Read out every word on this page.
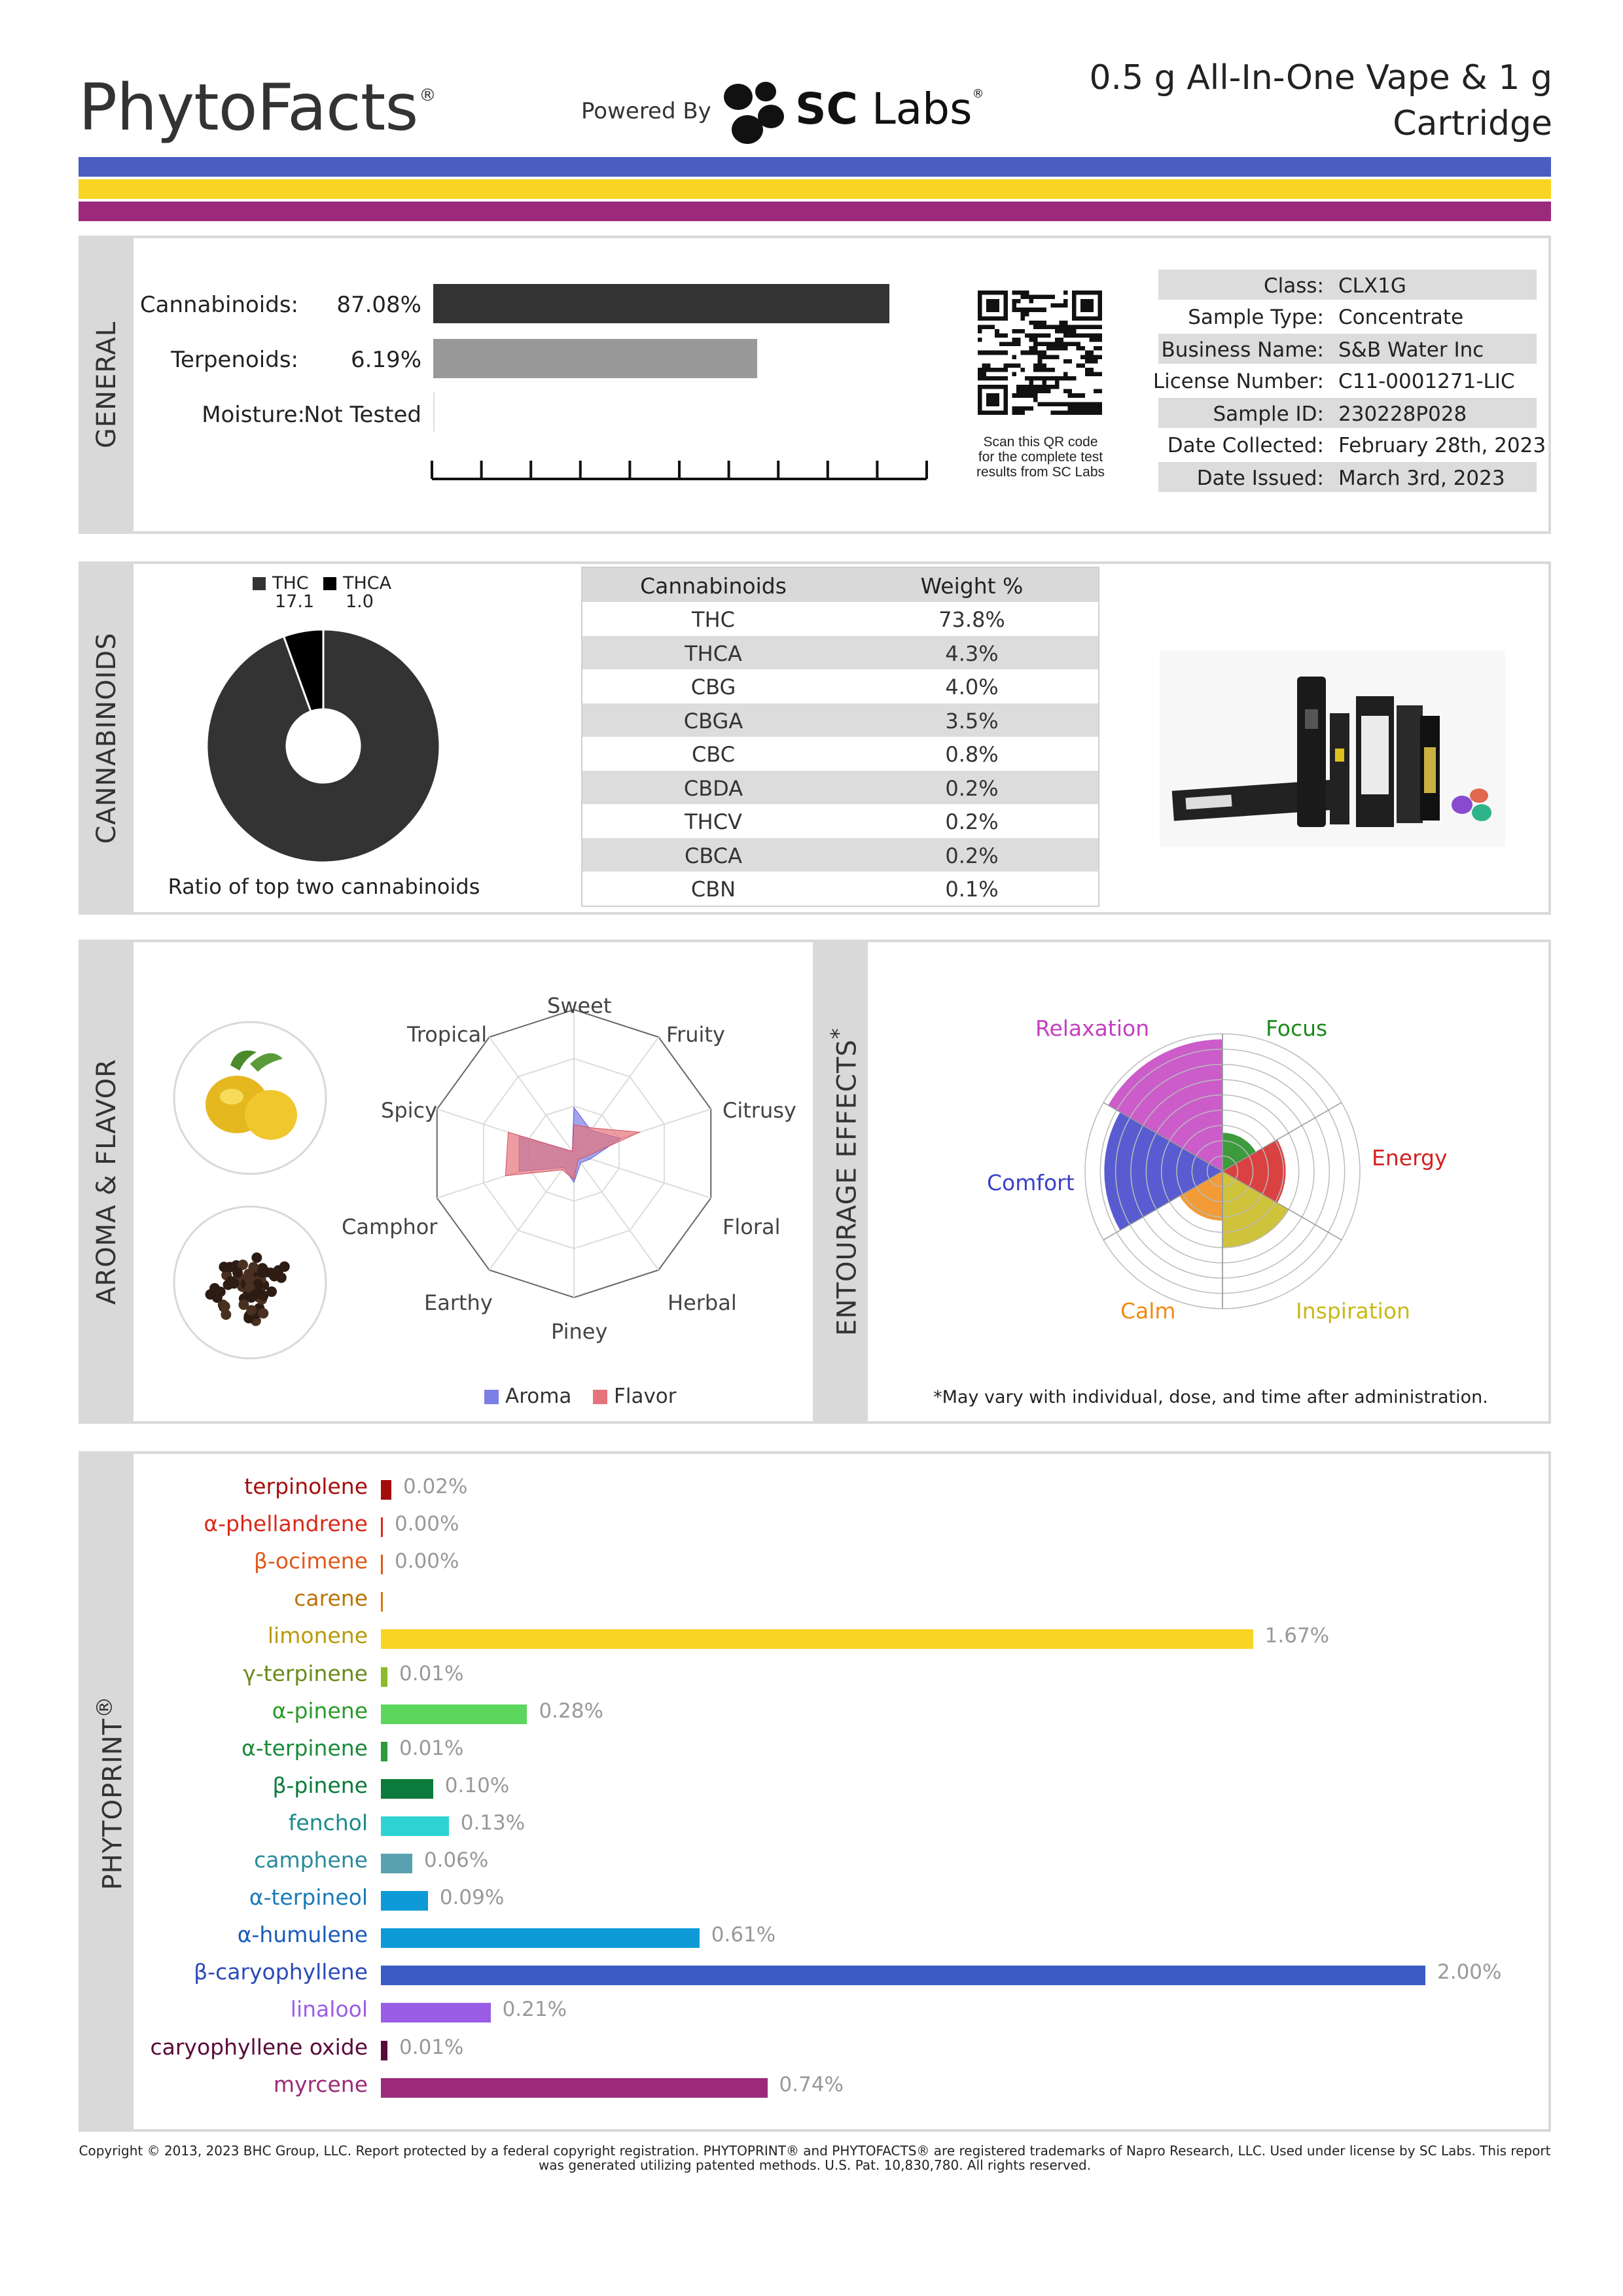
PhytoFacts®
Powered By SC Labs®	0.5 g All-In-One Vape & 1 g
Cartridge
GENERAL
Cannabinoids:	87.08%
Terpenoids:	6.19%
Moisture:
Not Tested
Scan this QR code
for the complete test
results from SC Labs
Class: CLX1G
Sample Type: Concentrate
Business Name: S&B Water Inc
License Number: C11-0001271-LIC
Sample ID: 230228P028
Date Collected: February 28th, 2023
Date Issued: March 3rd, 2023
CANNABINOIDS
THC
17.1
THCA
1.0
Ratio of top two cannabinoids
Cannabinoids	Weight %
THC	73.8%
THCA	4.3%
CBG	4.0%
CBGA	3.5%
CBC	0.8%
CBDA	0.2%
THCV	0.2%
CBCA	0.2%
CBN	0.1%
AROMA & FLAVOR
Sweet
Fruity
Citrusy
Floral
Herbal
Piney
Earthy
Camphor
Spicy
Tropical
Aroma Flavor
ENTOURAGE EFFECTS*	Relaxation	Focus
Energy
Inspiration
Calm
Comfort
*May vary with individual, dose, and time after administration.
PHYTOPRINT®
terpinolene 0.02%
α-phellandrene 0.00%
β-ocimene 0.00%
carene
limonene	1.67%
γ-terpinene 0.01%
α-pinene	0.28%
α-terpinene 0.01%
β-pinene	0.10%
fenchol	0.13%
camphene	0.06%
α-terpineol	0.09%
α-humulene	0.61%
β-caryophyllene	2.00%
linalool	0.21%
caryophyllene oxide 0.01%
myrcene	0.74%
Copyright © 2013, 2023 BHC Group, LLC. Report protected by a federal copyright registration. PHYTOPRINT® and PHYTOFACTS® are registered trademarks of Napro Research, LLC. Used under license by SC Labs. This report
was generated utilizing patented methods. U.S. Pat. 10,830,780. All rights reserved.
